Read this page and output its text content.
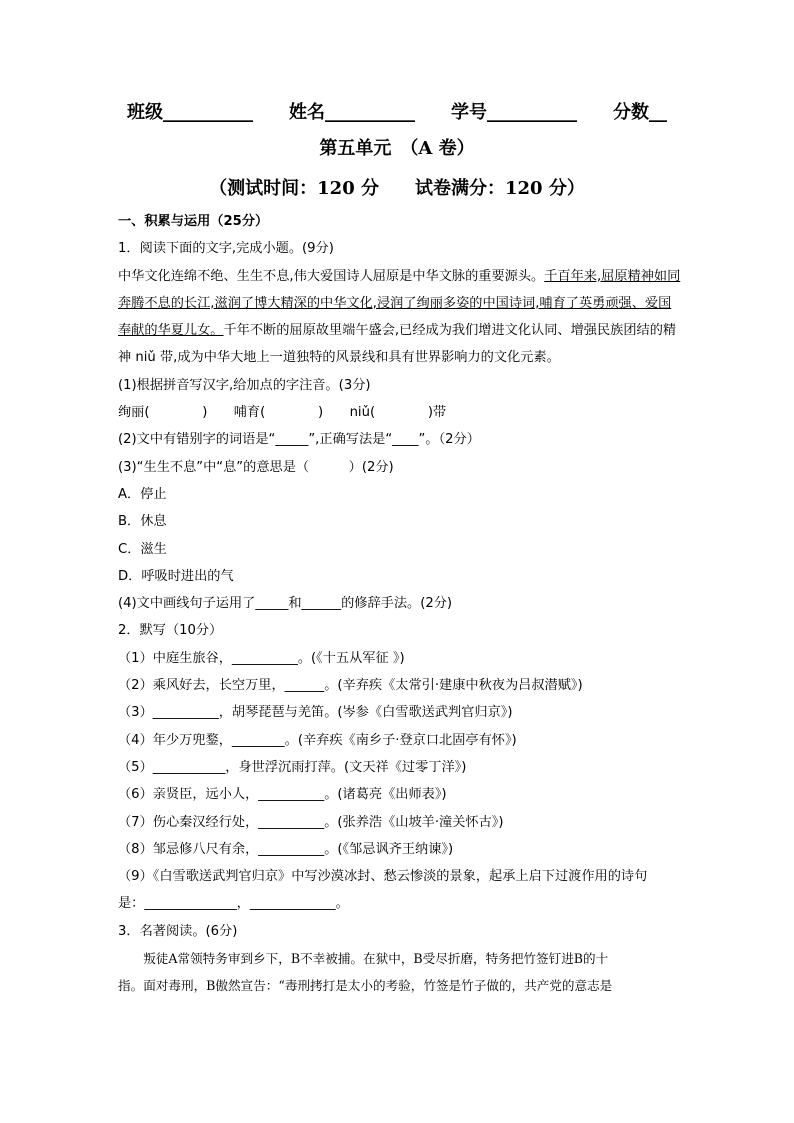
班级__________　　姓名__________　　学号__________　　分数__
第五单元　（A 卷）
（测试时间：120 分　　试卷满分：120 分）
一、积累与运用（25分）
1．阅读下面的文字,完成小题。(9分)
中华文化连绵不绝、生生不息,伟大爱国诗人屈原是中华文脉的重要源头。千百年来,屈原精神如同奔腾不息的长江,滋润了博大精深的中华文化,浸润了绚丽多姿的中国诗词,哺育了英勇顽强、爱国奉献的华夏儿女。千年不断的屈原故里端午盛会,已经成为我们增进文化认同、增强民族团结的精神 niǔ 带,成为中华大地上一道独特的风景线和具有世界影响力的文化元素。
(1)根据拼音写汉字,给加点的字注音。(3分)
绚丽(　　　　)　　哺育(　　　　)　　niǔ(　　　　)带
(2)文中有错别字的词语是“_____”,正确写法是“____”。（2分）
(3)“生生不息”中“息”的意思是（　　　）(2分)
A．停止
B．休息
C．滋生
D．呼吸时进出的气
(4)文中画线句子运用了_____和______的修辞手法。(2分)
2．默写（10分）
（1）中庭生旅谷，__________。(《十五从军征 》)
（2）乘风好去，长空万里，______。(辛弃疾《太常引·建康中秋夜为吕叔潜赋》)
（3）__________，胡琴琵琶与羌笛。(岑参《白雪歌送武判官归京》)
（4）年少万兜鍪，________。(辛弃疾《南乡子·登京口北固亭有怀》)
（5）___________，身世浮沉雨打萍。(文天祥《过零丁洋》)
（6）亲贤臣，远小人，__________。(诸葛亮《出师表》)
（7）伤心秦汉经行处，__________。(张养浩《山坡羊·潼关怀古》)
（8）邹忌修八尺有余，__________。(《邹忌讽齐王纳谏》)
（9）《白雪歌送武判官归京》中写沙漠冰封、愁云惨淡的景象，起承上启下过渡作用的诗句
是：______________，_____________。
3．名著阅读。(6分)
　　叛徒A常领特务审到乡下，B不幸被捕。在狱中，B受尽折磨，特务把竹签钉进B的十
指。面对毒刑，B傲然宣告：“毒刑拷打是太小的考验，竹签是竹子做的，共产党的意志是
